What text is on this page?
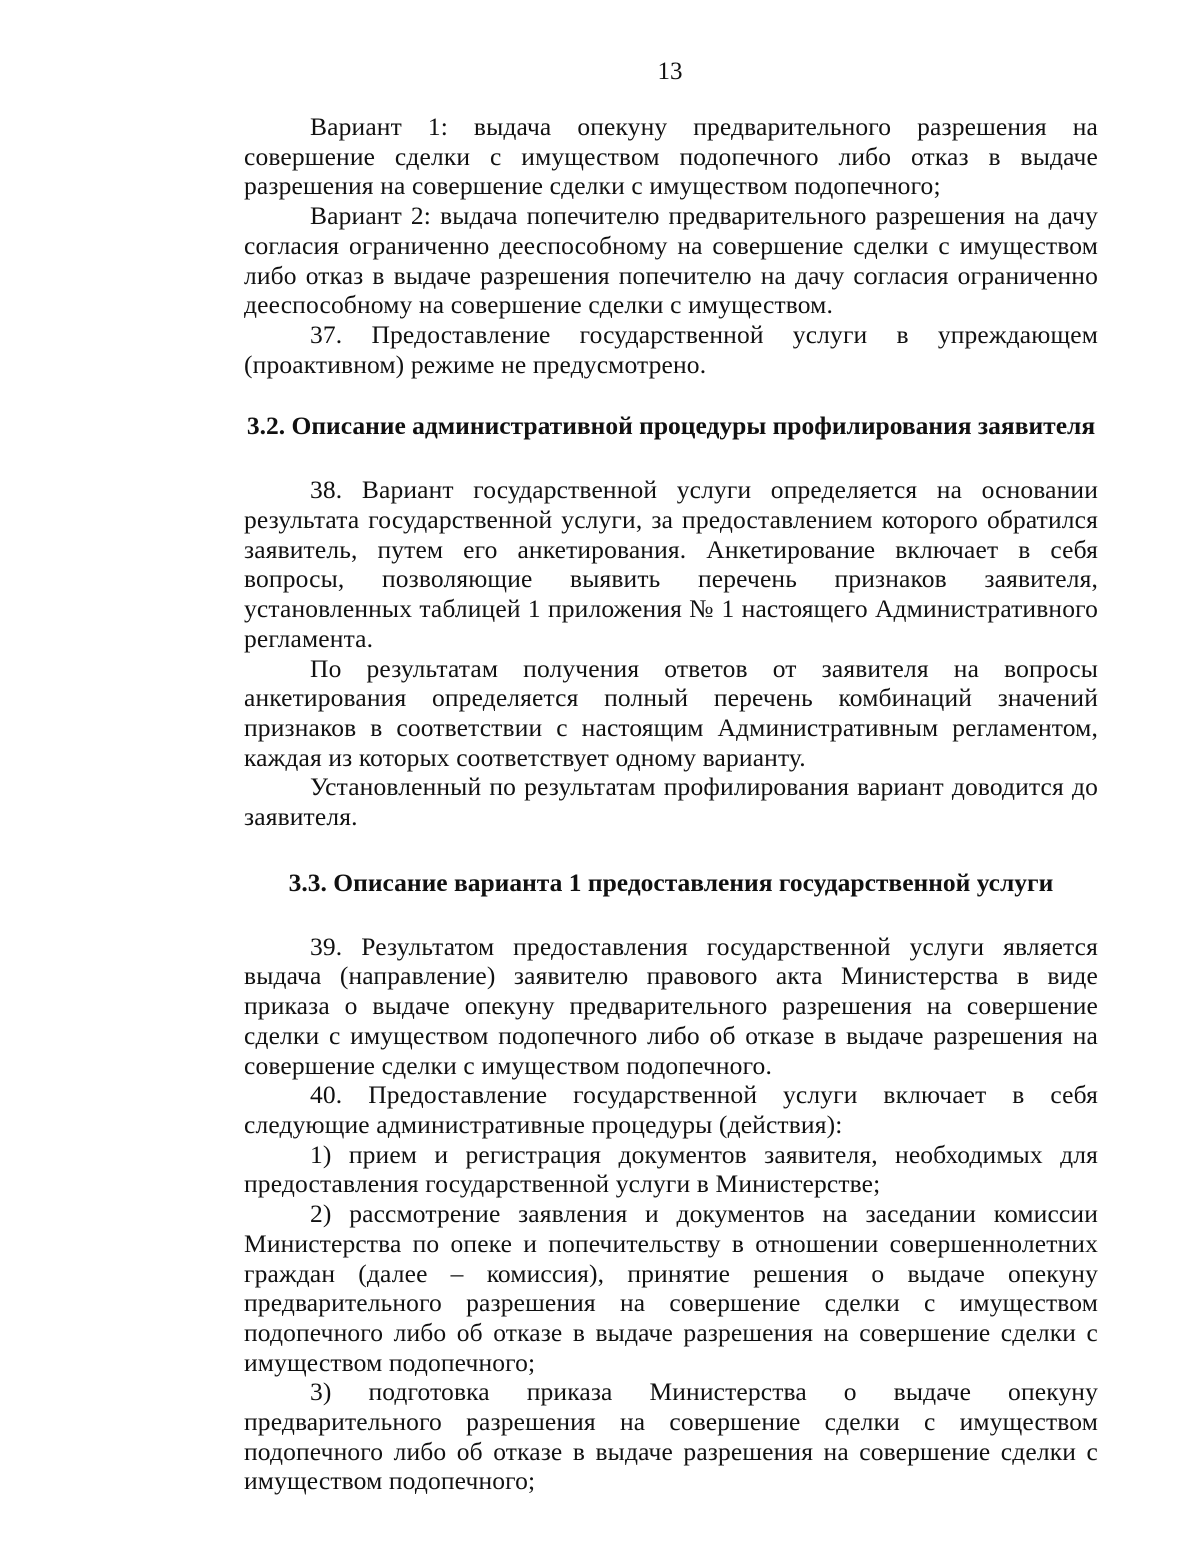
13

Вариант 1: выдача опекуну предварительного разрешения на совершение сделки с имуществом подопечного либо отказ в выдаче разрешения на совершение сделки с имуществом подопечного;

Вариант 2: выдача попечителю предварительного разрешения на дачу согласия ограниченно дееспособному на совершение сделки с имуществом либо отказ в выдаче разрешения попечителю на дачу согласия ограниченно дееспособному на совершение сделки с имуществом.

37. Предоставление государственной услуги в упреждающем (проактивном) режиме не предусмотрено.

3.2. Описание административной процедуры профилирования заявителя

38. Вариант государственной услуги определяется на основании результата государственной услуги, за предоставлением которого обратился заявитель, путем его анкетирования. Анкетирование включает в себя вопросы, позволяющие выявить перечень признаков заявителя, установленных таблицей 1 приложения № 1 настоящего Административного регламента.

По результатам получения ответов от заявителя на вопросы анкетирования определяется полный перечень комбинаций значений признаков в соответствии с настоящим Административным регламентом, каждая из которых соответствует одному варианту.

Установленный по результатам профилирования вариант доводится до заявителя.

3.3. Описание варианта 1 предоставления государственной услуги

39. Результатом предоставления государственной услуги является выдача (направление) заявителю правового акта Министерства в виде приказа о выдаче опекуну предварительного разрешения на совершение сделки с имуществом подопечного либо об отказе в выдаче разрешения на совершение сделки с имуществом подопечного.

40. Предоставление государственной услуги включает в себя следующие административные процедуры (действия):

1) прием и регистрация документов заявителя, необходимых для предоставления государственной услуги в Министерстве;

2) рассмотрение заявления и документов на заседании комиссии Министерства по опеке и попечительству в отношении совершеннолетних граждан (далее – комиссия), принятие решения о выдаче опекуну предварительного разрешения на совершение сделки с имуществом подопечного либо об отказе в выдаче разрешения на совершение сделки с имуществом подопечного;

3) подготовка приказа Министерства о выдаче опекуну предварительного разрешения на совершение сделки с имуществом подопечного либо об отказе в выдаче разрешения на совершение сделки с имуществом подопечного;
